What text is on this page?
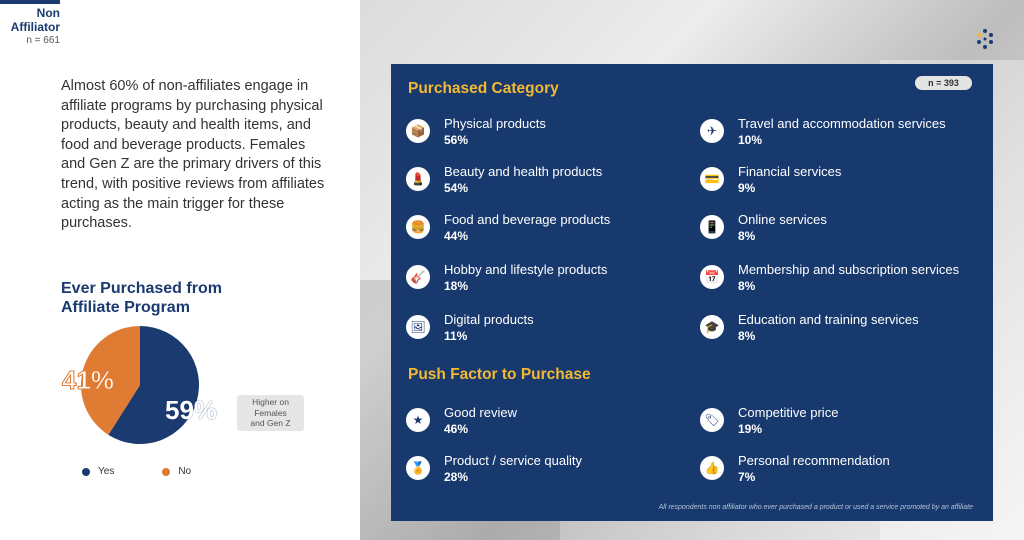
Non
Affiliator
n = 661

Almost 60% of non-affiliates engage in affiliate programs by purchasing physical products, beauty and health items, and food and beverage products. Females and Gen Z are the primary drivers of this trend, with positive reviews from affiliates acting as the main trigger for these purchases.

Ever Purchased from Affiliate Program
41%
59%	Higher on
Females
and Gen Z
Yes	No
Purchased Category	n = 393
📦	Physical products
56%
💄	Beauty and health products
54%
🍔	Food and beverage products
44%
🎸	Hobby and lifestyle products
18%
🖼	Digital products
11%
✈	Travel and accommodation services
10%
💳	Financial services
9%
📱	Online services
8%
📅	Membership and subscription services
8%
🎓	Education and training services
8%
Push Factor to Purchase
★	Good review
46%
🏅	Product / service quality
28%
🏷	Competitive price
19%
👍	Personal recommendation
7%
All respondents non affiliator who ever purchased a product or used a service promoted by an affiliate
